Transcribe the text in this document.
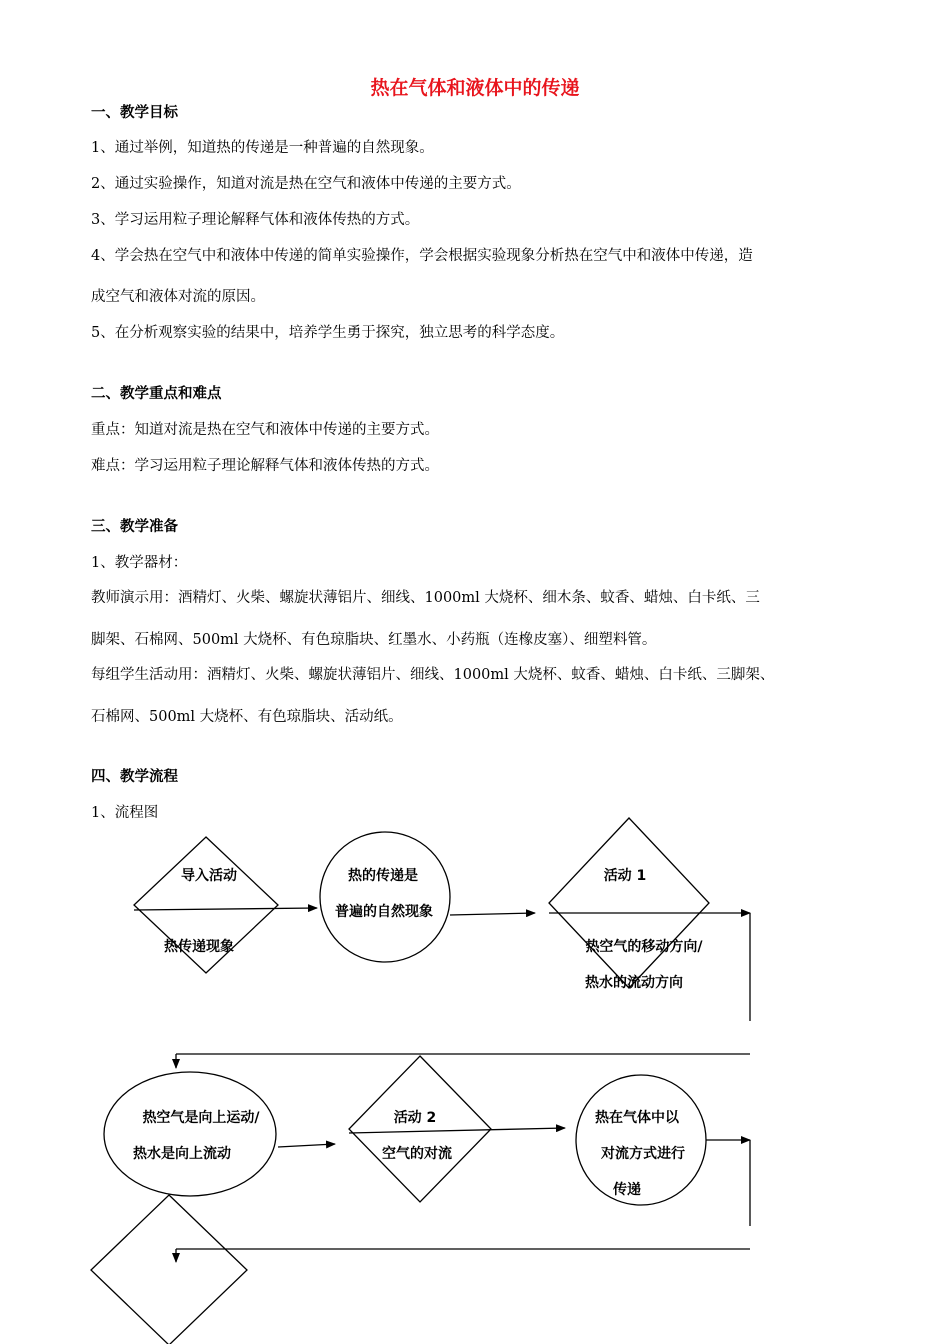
热在气体和液体中的传递
一、教学目标
1、通过举例，知道热的传递是一种普遍的自然现象。
2、通过实验操作，知道对流是热在空气和液体中传递的主要方式。
3、学习运用粒子理论解释气体和液体传热的方式。
4、学会热在空气中和液体中传递的简单实验操作，学会根据实验现象分析热在空气中和液体中传递，造
成空气和液体对流的原因。
5、在分析观察实验的结果中，培养学生勇于探究，独立思考的科学态度。
二、教学重点和难点
重点：知道对流是热在空气和液体中传递的主要方式。
难点：学习运用粒子理论解释气体和液体传热的方式。
三、教学准备
1、教学器材：
教师演示用：酒精灯、火柴、螺旋状薄铝片、细线、1000ml 大烧杯、细木条、蚊香、蜡烛、白卡纸、三
脚架、石棉网、500ml 大烧杯、有色琼脂块、红墨水、小药瓶（连橡皮塞）、细塑料管。
每组学生活动用：酒精灯、火柴、螺旋状薄铝片、细线、1000ml 大烧杯、蚊香、蜡烛、白卡纸、三脚架、
石棉网、500ml 大烧杯、有色琼脂块、活动纸。
四、教学流程
1、流程图
导入活动
热传递现象
热的传递是
普遍的自然现象
活动 1
热空气的移动方向/
热水的流动方向
热空气是向上运动/
热水是向上流动
活动 2
空气的对流
热在气体中以
对流方式进行
传递
